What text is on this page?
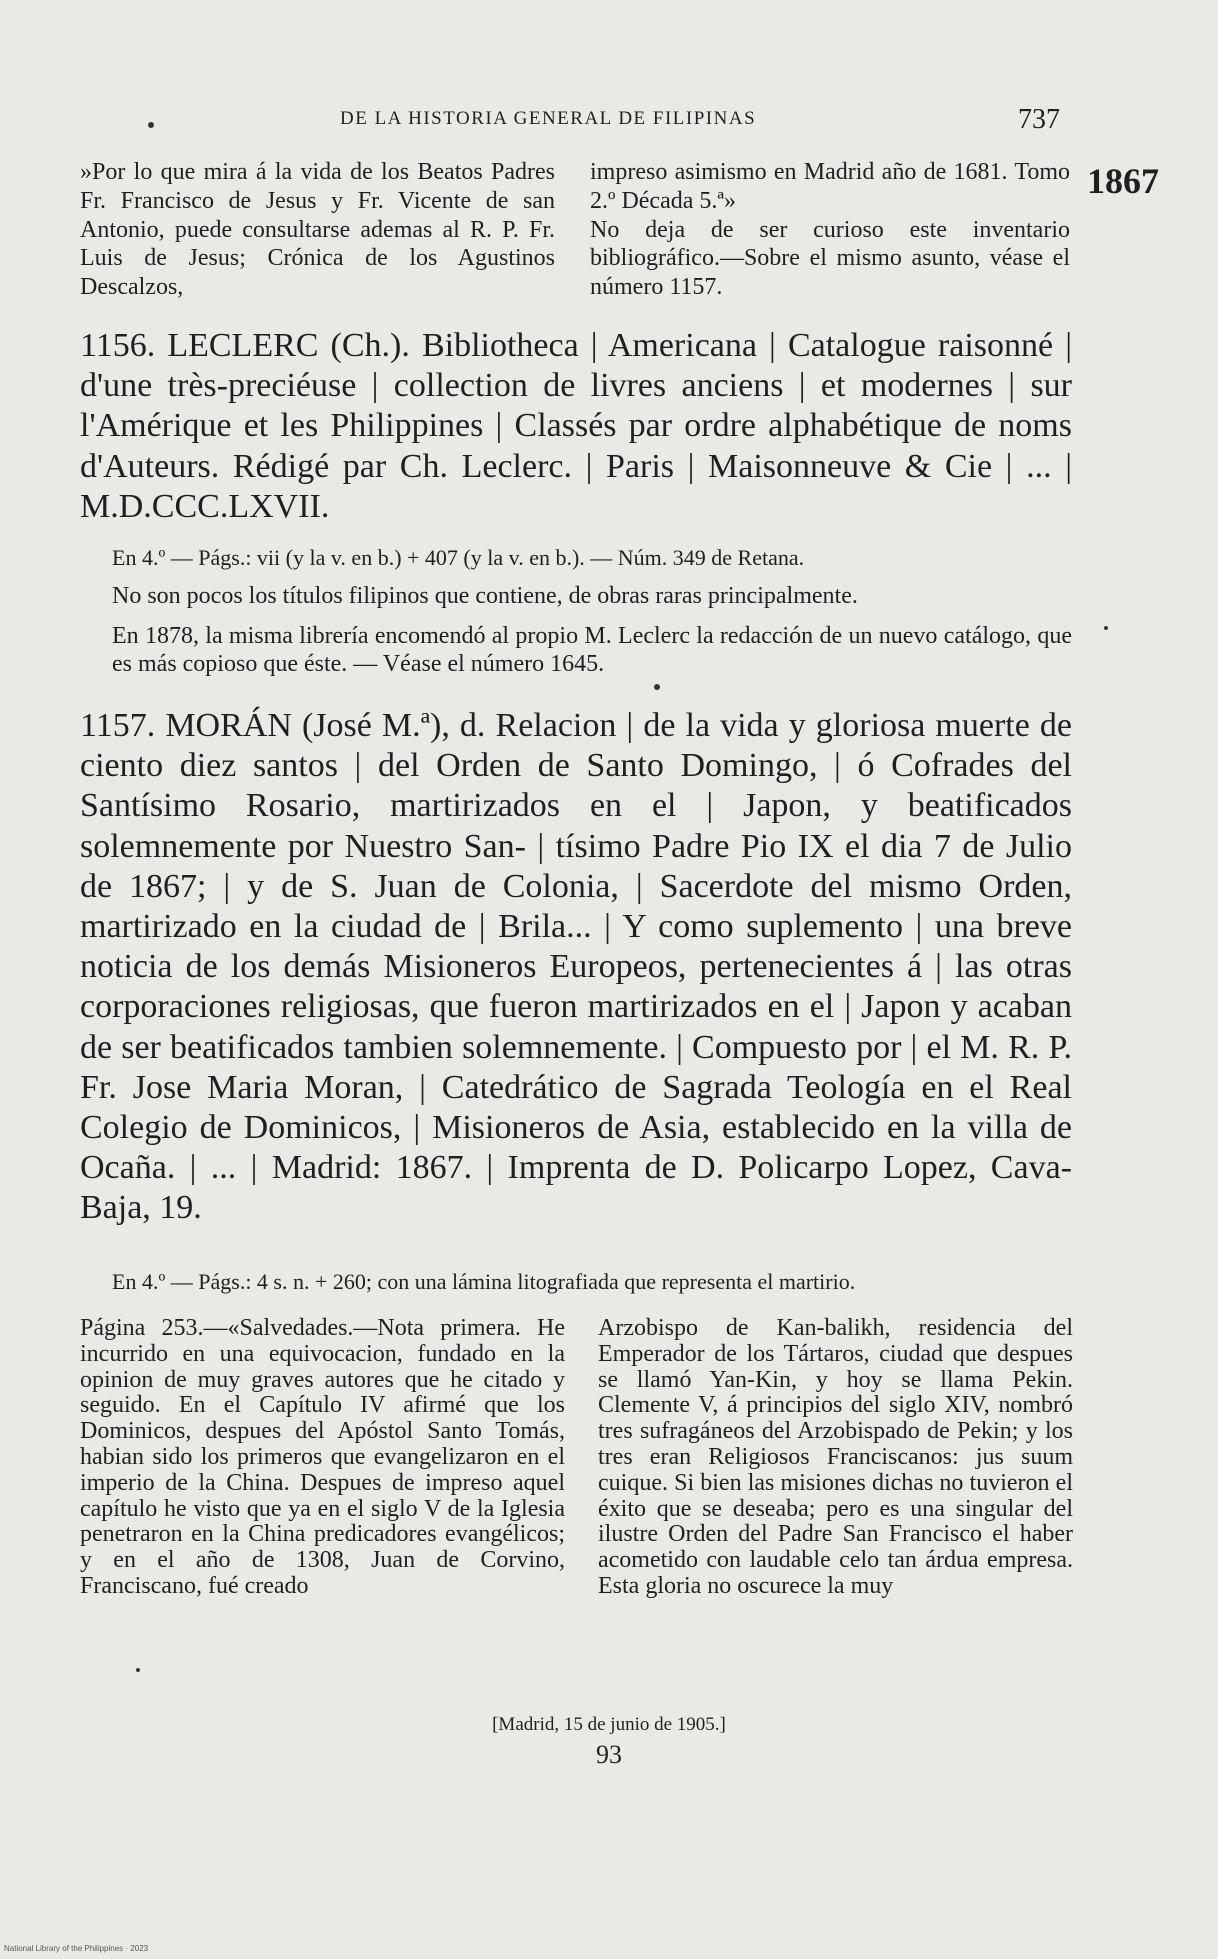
DE LA HISTORIA GENERAL DE FILIPINAS	737
1867

»Por lo que mira á la vida de los Beatos Padres Fr. Francisco de Jesus y Fr. Vicente de san Antonio, puede consultarse ademas al R. P. Fr. Luis de Jesus; Crónica de los Agustinos Descalzos,

impreso asimismo en Madrid año de 1681. Tomo 2.º Década 5.ª»

No deja de ser curioso este inventario bibliográfico.—Sobre el mismo asunto, véase el número 1157.

1156. LECLERC (Ch.). Bibliotheca | Americana | Catalogue raisonné | d'une très-preciéuse | collection de livres anciens | et modernes | sur l'Amérique et les Philippines | Classés par ordre alphabétique de noms d'Auteurs. Rédigé par Ch. Leclerc. | Paris | Maisonneuve & Cie | ... | M.D.CCC.LXVII.

En 4.º — Págs.: vii (y la v. en b.) + 407 (y la v. en b.). — Núm. 349 de Retana.

No son pocos los títulos filipinos que contiene, de obras raras principalmente.

En 1878, la misma librería encomendó al propio M. Leclerc la redacción de un nuevo catálogo, que es más copioso que éste. — Véase el número 1645.

1157. MORÁN (José M.ª), d. Relacion | de la vida y gloriosa muerte de ciento diez santos | del Orden de Santo Domingo, | ó Cofrades del Santísimo Rosario, martirizados en el | Japon, y beatificados solemnemente por Nuestro San- | tísimo Padre Pio IX el dia 7 de Julio de 1867; | y de S. Juan de Colonia, | Sacerdote del mismo Orden, martirizado en la ciudad de | Brila... | Y como suplemento | una breve noticia de los demás Misioneros Europeos, pertenecientes á | las otras corporaciones religiosas, que fueron martirizados en el | Japon y acaban de ser beatificados tambien solemnemente. | Compuesto por | el M. R. P. Fr. Jose Maria Moran, | Catedrático de Sagrada Teología en el Real Colegio de Dominicos, | Misioneros de Asia, establecido en la villa de Ocaña. | ... | Madrid: 1867. | Imprenta de D. Policarpo Lopez, Cava-Baja, 19.
En 4.º — Págs.: 4 s. n. + 260; con una lámina litografiada que representa el martirio.

Página 253.—«Salvedades.—Nota primera. He incurrido en una equivocacion, fundado en la opinion de muy graves autores que he citado y seguido. En el Capítulo IV afirmé que los Dominicos, despues del Apóstol Santo Tomás, habian sido los primeros que evangelizaron en el imperio de la China. Despues de impreso aquel capítulo he visto que ya en el siglo V de la Iglesia penetraron en la China predicadores evangélicos; y en el año de 1308, Juan de Corvino, Franciscano, fué creado

Arzobispo de Kan-balikh, residencia del Emperador de los Tártaros, ciudad que despues se llamó Yan-Kin, y hoy se llama Pekin. Clemente V, á principios del siglo XIV, nombró tres sufragáneos del Arzobispado de Pekin; y los tres eran Religiosos Franciscanos: jus suum cuique. Si bien las misiones dichas no tuvieron el éxito que se deseaba; pero es una singular del ilustre Orden del Padre San Francisco el haber acometido con laudable celo tan árdua empresa. Esta gloria no oscurece la muy

[Madrid, 15 de junio de 1905.]
93
National Library of the Philippines · 2023
